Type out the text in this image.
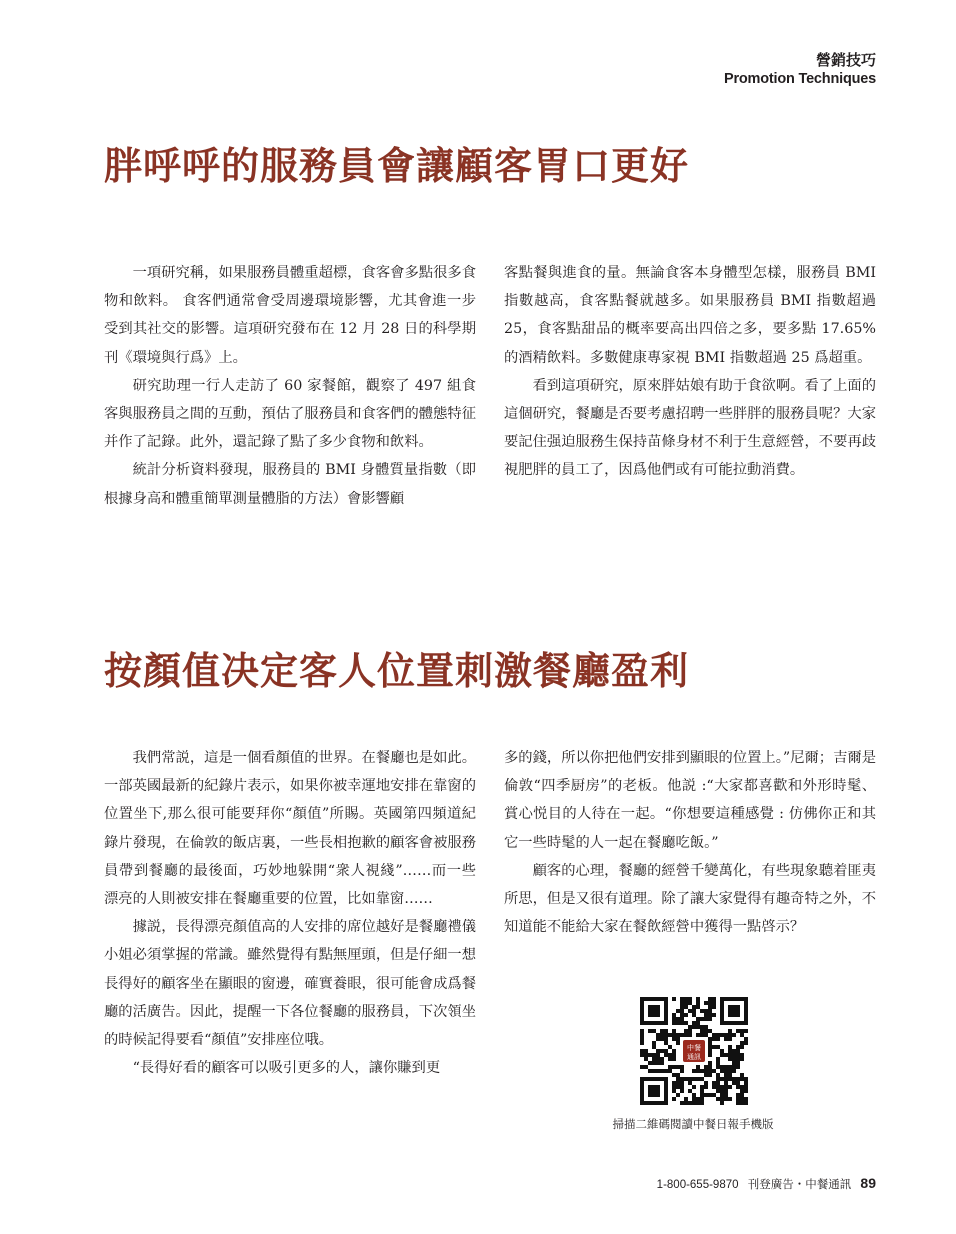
營銷技巧
Promotion Techniques
胖呼呼的服務員會讓顧客胃口更好

一項研究稱，如果服務員體重超標，食客會多點很多食物和飲料。 食客們通常會受周邊環境影響，尤其會進一步受到其社交的影響。這項研究發布在 12 月 28 日的科學期刊《環境與行爲》上。

研究助理一行人走訪了 60 家餐館，觀察了 497 組食客與服務員之間的互動，預估了服務員和食客們的體態特征并作了記錄。此外，還記錄了點了多少食物和飲料。

統計分析資料發現，服務員的 BMI 身體質量指數（即根據身高和體重簡單測量體脂的方法）會影響顧

客點餐與進食的量。無論食客本身體型怎樣，服務員 BMI 指數越高，食客點餐就越多。如果服務員 BMI 指數超過 25，食客點甜品的概率要高出四倍之多，要多點 17.65% 的酒精飲料。多數健康專家視 BMI 指數超過 25 爲超重。

看到這項研究，原來胖姑娘有助于食欲啊。看了上面的這個研究，餐廳是否要考慮招聘一些胖胖的服務員呢？大家要記住强迫服務生保持苗條身材不利于生意經營，不要再歧視肥胖的員工了，因爲他們或有可能拉動消費。

按顏值决定客人位置刺激餐廳盈利

我們常説，這是一個看顏值的世界。在餐廳也是如此。一部英國最新的紀錄片表示，如果你被幸運地安排在靠窗的位置坐下,那么很可能要拜你“顏值”所賜。英國第四頻道紀錄片發現，在倫敦的飯店裏，一些長相抱歉的顧客會被服務員帶到餐廳的最後面，巧妙地躲開“衆人視綫”……而一些漂亮的人則被安排在餐廳重要的位置，比如靠窗……

據説，長得漂亮顏值高的人安排的席位越好是餐廳禮儀小姐必須掌握的常識。雖然覺得有點無厘頭，但是仔細一想長得好的顧客坐在顯眼的窗邊，確實養眼，很可能會成爲餐廳的活廣告。因此，提醒一下各位餐廳的服務員，下次領坐的時候記得要看“顏值”安排座位哦。

“長得好看的顧客可以吸引更多的人，讓你賺到更

多的錢，所以你把他們安排到顯眼的位置上。”尼爾；吉爾是倫敦“四季厨房”的老板。他説 :“大家都喜歡和外形時髦、賞心悦目的人待在一起。“你想要這種感覺 : 仿佛你正和其它一些時髦的人一起在餐廳吃飯。”

顧客的心理，餐廳的經營千變萬化，有些現象聽着匪夷所思，但是又很有道理。除了讓大家覺得有趣奇特之外，不知道能不能給大家在餐飲經營中獲得一點啓示？

中餐
通訊
掃描二維碼閱讀中餐日報手機版
1-800-655-9870 刊登廣告・中餐通訊 89
